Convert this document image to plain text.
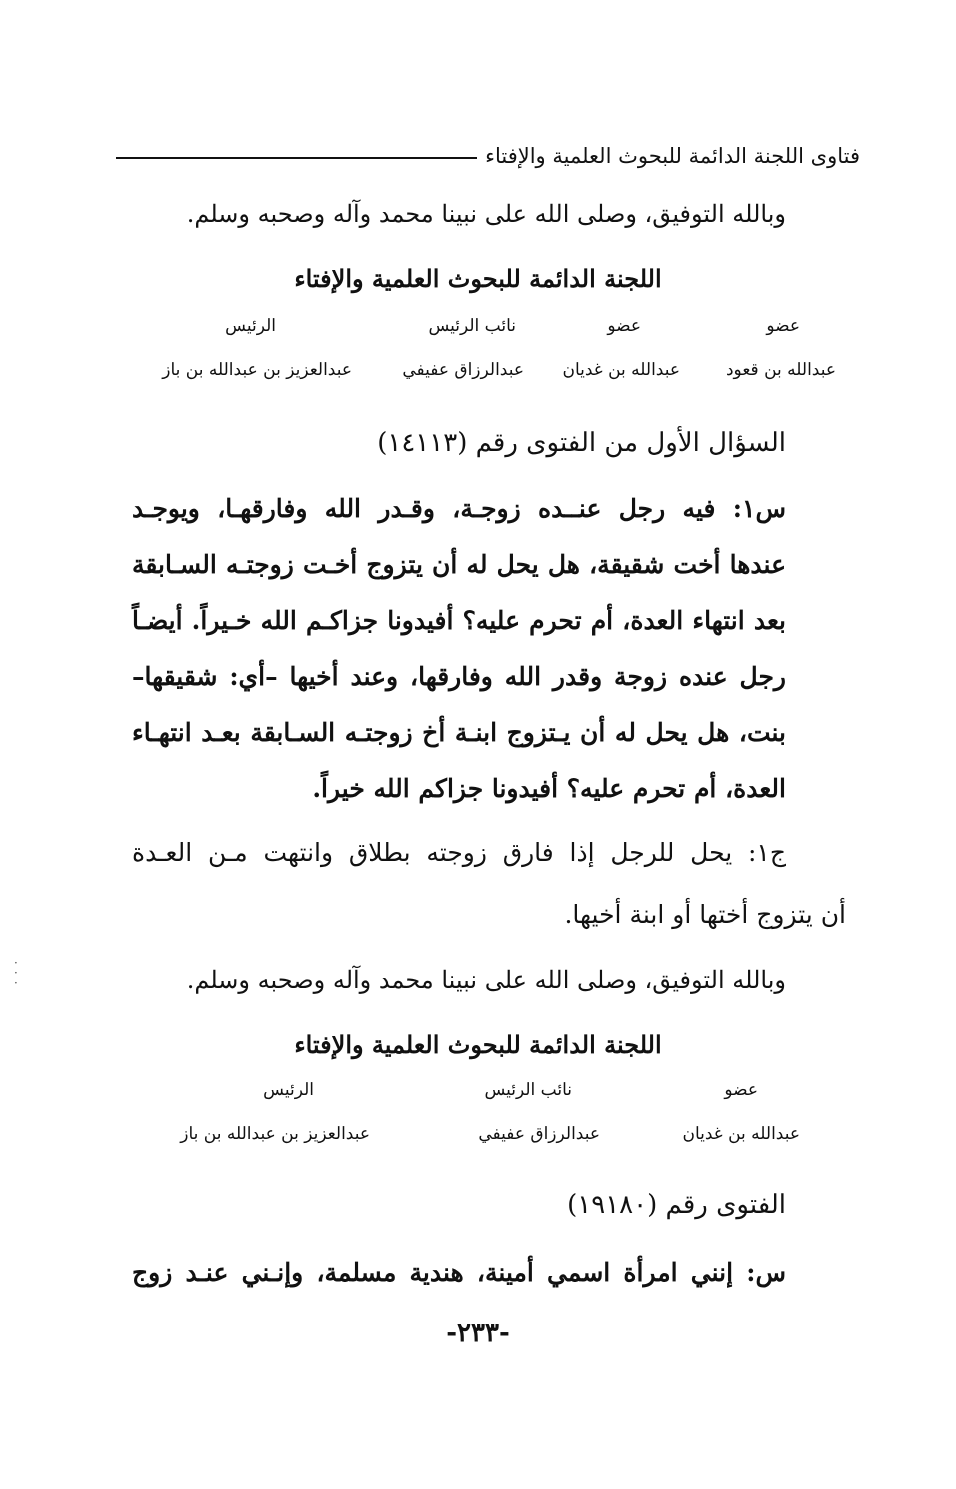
فتاوى اللجنة الدائمة للبحوث العلمية والإفتاء
وبالله التوفيق، وصلى الله على نبينا محمد وآله وصحبه وسلم.
اللجنة الدائمة للبحوث العلمية والإفتاء
عضو
عضو
نائب الرئيس
الرئيس
عبدالله بن قعود
عبدالله بن غديان
عبدالرزاق عفيفي
عبدالعزيز بن عبدالله بن باز
السؤال الأول من الفتوى رقم (١٤١١٣)
س١: فيه رجل عنــده زوجـة، وقـدر الله وفارقهـا، ويوجـد
عندها أخت شقيقة، هل يحل له أن يتزوج أخـت زوجتـه السـابقة
بعد انتهاء العدة، أم تحرم عليه؟ أفيدونا جزاكـم الله خـيراً. أيضـاً
رجل عنده زوجة وقدر الله وفارقها، وعند أخيها –أي: شقيقها–
بنت، هل يحل له أن يـتزوج ابنـة أخ زوجتـه السـابقة بعـد انتهـاء
العدة، أم تحرم عليه؟ أفيدونا جزاكم الله خيراً.
ج١: يحل للرجل إذا فارق زوجته بطلاق وانتهت مـن العـدة
أن يتزوج أختها أو ابنة أخيها.
·
·
·	وبالله التوفيق، وصلى الله على نبينا محمد وآله وصحبه وسلم.
اللجنة الدائمة للبحوث العلمية والإفتاء
عضو
نائب الرئيس
الرئيس
عبدالله بن غديان
عبدالرزاق عفيفي
عبدالعزيز بن عبدالله بن باز
الفتوى رقم (١٩١٨٠)
س: إنني امرأة اسمي أمينة، هندية مسلمة، وإنـني عنـد زوج
-٢٣٣-
